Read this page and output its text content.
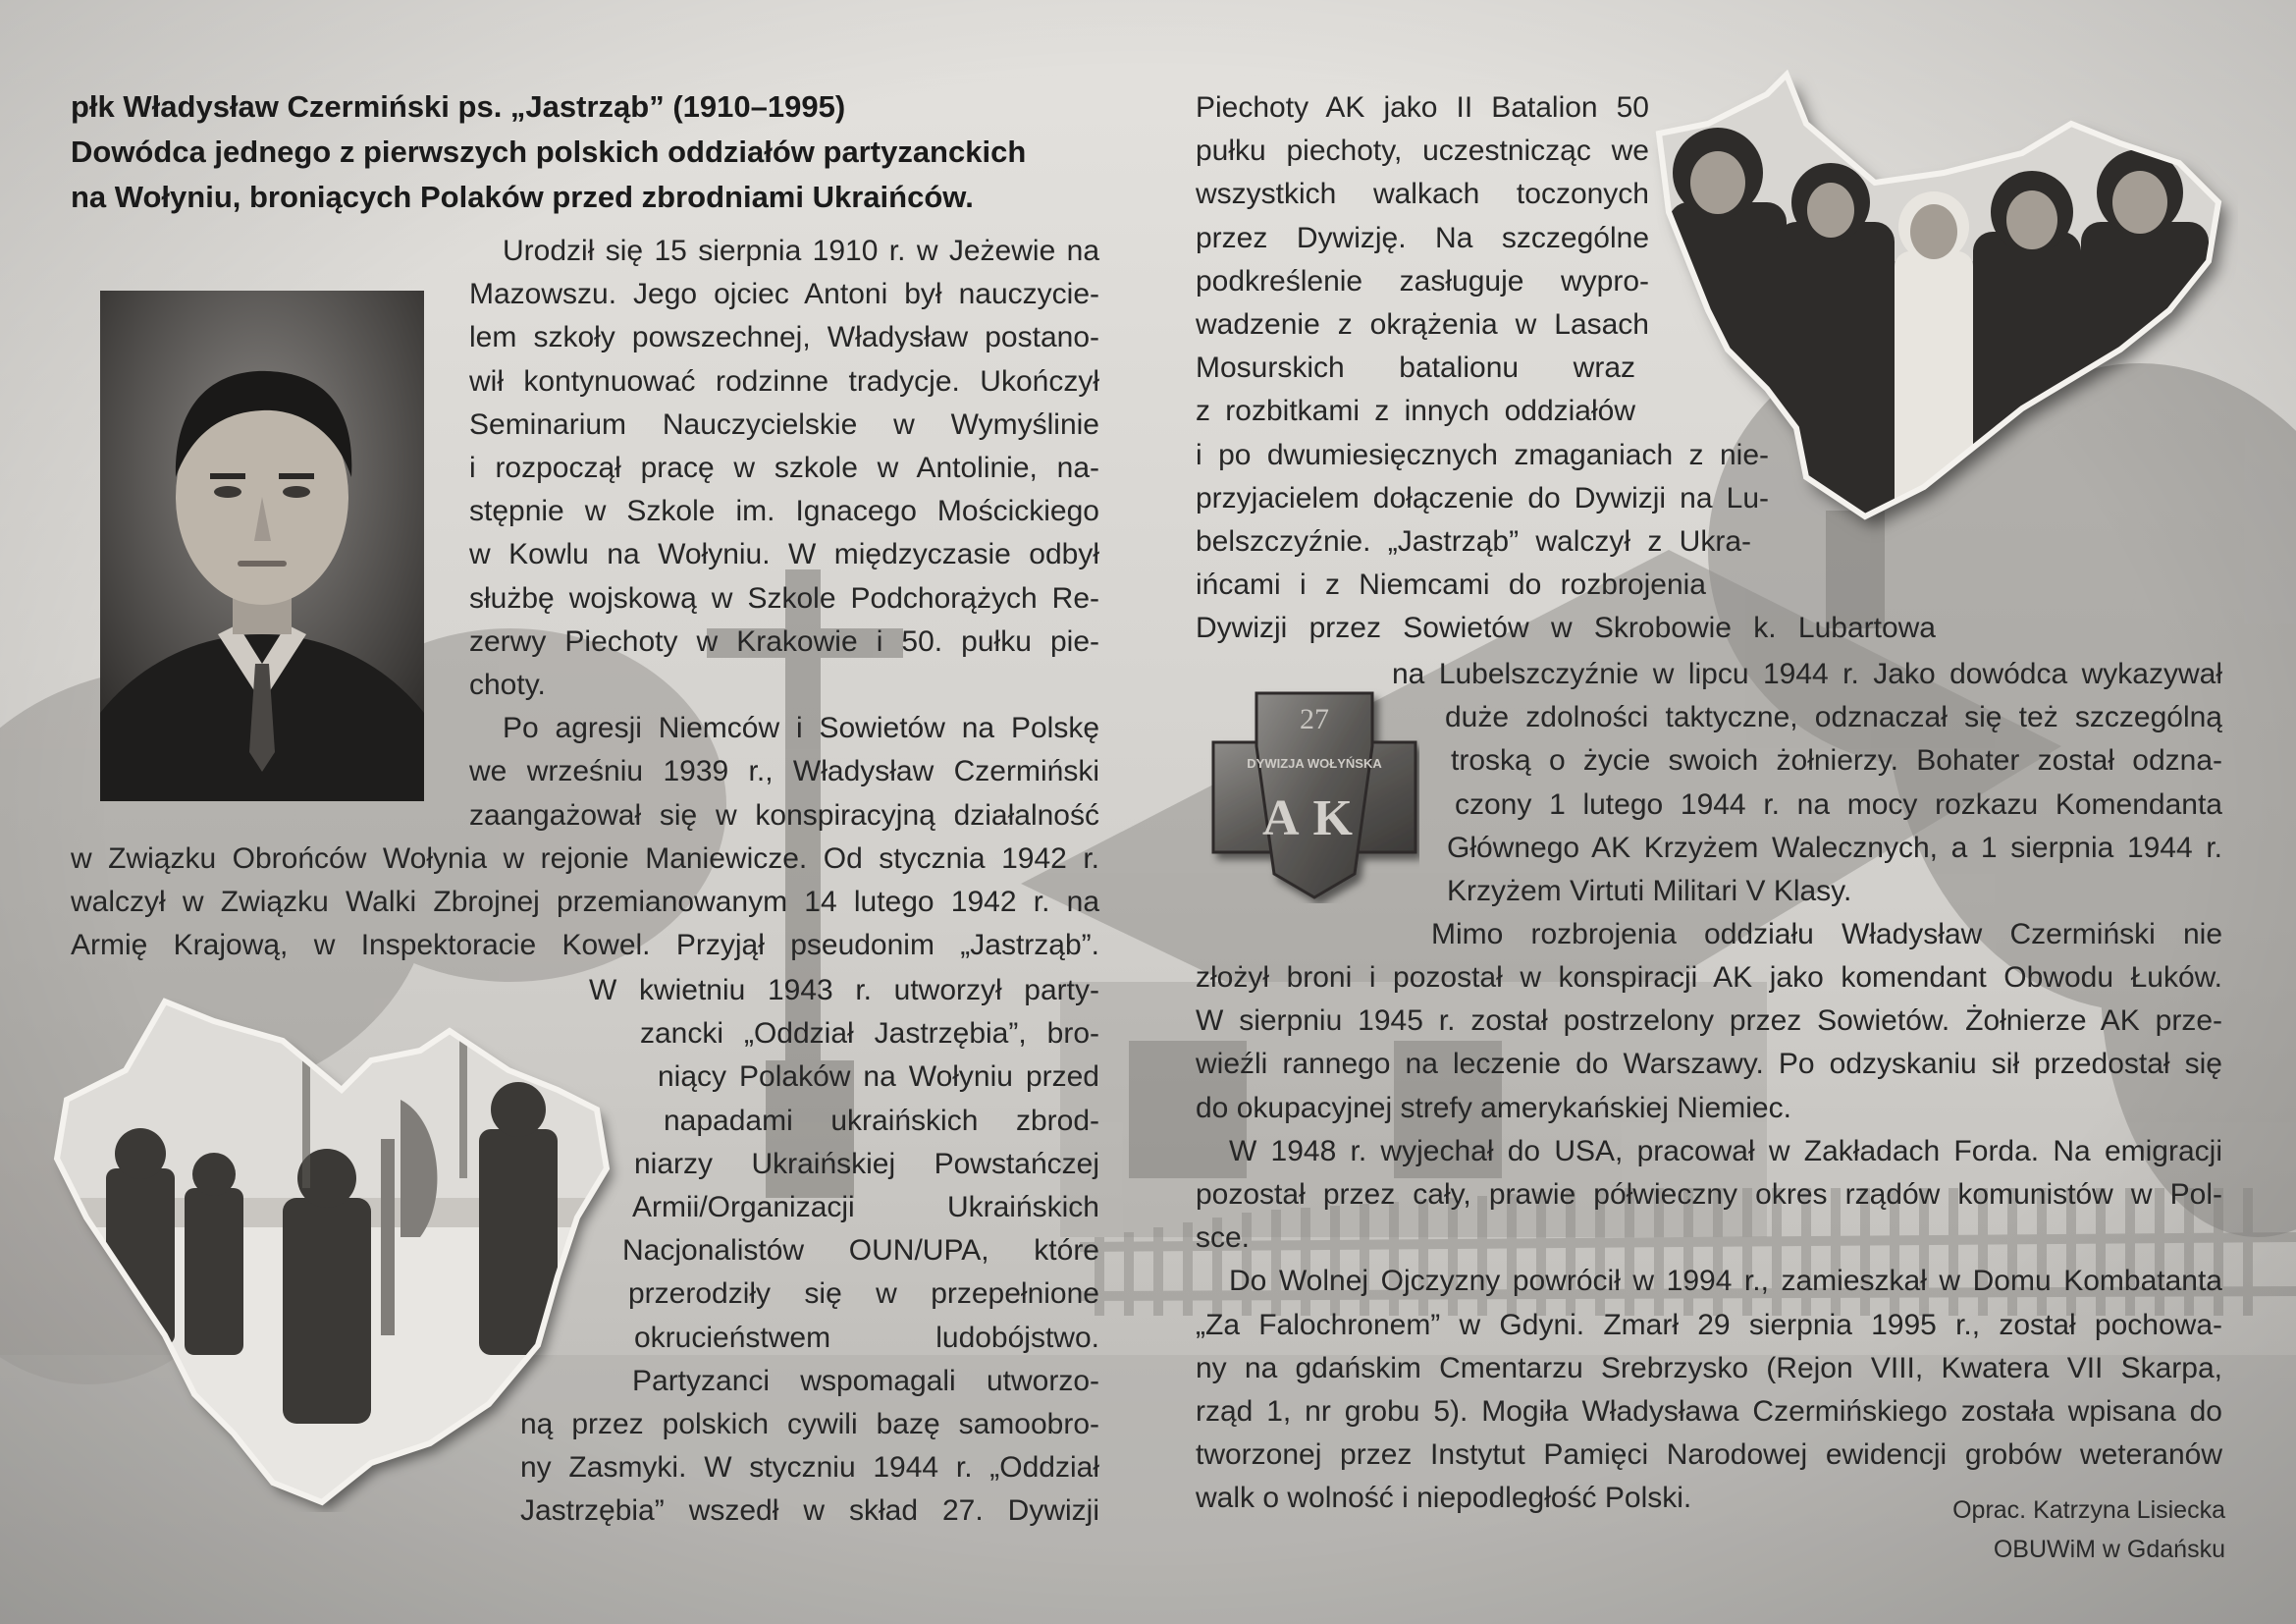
płk Władysław Czermiński ps. „Jastrząb” (1910–1995)
Dowódca jednego z pierwszych polskich oddziałów partyzanckich
na Wołyniu, broniących Polaków przed zbrodniami Ukraińców.
Urodził się 15 sierpnia 1910 r. w Jeżewie na
Mazowszu. Jego ojciec Antoni był nauczycie-
lem szkoły powszechnej, Władysław postano-
wił kontynuować rodzinne tradycje. Ukończył
Seminarium Nauczycielskie w Wymyślinie
i rozpoczął pracę w szkole w Antolinie, na-
stępnie w Szkole im. Ignacego Mościckiego
w Kowlu na Wołyniu. W międzyczasie odbył
służbę wojskową w Szkole Podchorążych Re-
zerwy Piechoty w Krakowie i 50. pułku pie-
choty.
Po agresji Niemców i Sowietów na Polskę
we wrześniu 1939 r., Władysław Czermiński
zaangażował się w konspiracyjną działalność
w Związku Obrońców Wołynia w rejonie Maniewicze. Od stycznia 1942 r.
walczył w Związku Walki Zbrojnej przemianowanym 14 lutego 1942 r. na
Armię Krajową, w Inspektoracie Kowel. Przyjął pseudonim „Jastrząb”.
W kwietniu 1943 r. utworzył party-
zancki „Oddział Jastrzębia”, bro-
niący Polaków na Wołyniu przed
napadami ukraińskich zbrod-
niarzy Ukraińskiej Powstańczej
Armii/Organizacji Ukraińskich
Nacjonalistów OUN/UPA, które
przerodziły się w przepełnione
okrucieństwem ludobójstwo.
Partyzanci wspomagali utworzo-
ną przez polskich cywili bazę samoobro-
ny Zasmyki. W styczniu 1944 r. „Oddział
Jastrzębia” wszedł w skład 27. Dywizji
Piechoty AK jako II Batalion 50
pułku piechoty, uczestnicząc we
wszystkich walkach toczonych
przez Dywizję. Na szczególne
podkreślenie zasługuje wypro-
wadzenie z okrążenia w Lasach
Mosurskich batalionu wraz
z rozbitkami z innych oddziałów
i po dwumiesięcznych zmaganiach z nie-
przyjacielem dołączenie do Dywizji na Lu-
belszczyźnie. „Jastrząb” walczył z Ukra-
ińcami i z Niemcami do rozbrojenia
Dywizji przez Sowietów w Skrobowie k. Lubartowa
27
DYWIZJA WOŁYŃSKA
AK
na Lubelszczyźnie w lipcu 1944 r. Jako dowódca wykazywał
duże zdolności taktyczne, odznaczał się też szczególną
troską o życie swoich żołnierzy. Bohater został odzna-
czony 1 lutego 1944 r. na mocy rozkazu Komendanta
Głównego AK Krzyżem Walecznych, a 1 sierpnia 1944 r.
Krzyżem Virtuti Militari V Klasy.
Mimo rozbrojenia oddziału Władysław Czermiński nie
złożył broni i pozostał w konspiracji AK jako komendant Obwodu Łuków.
W sierpniu 1945 r. został postrzelony przez Sowietów. Żołnierze AK prze-
wieźli rannego na leczenie do Warszawy. Po odzyskaniu sił przedostał się
do okupacyjnej strefy amerykańskiej Niemiec.
W 1948 r. wyjechał do USA, pracował w Zakładach Forda. Na emigracji
pozostał przez cały, prawie półwieczny okres rządów komunistów w Pol-
sce.
Do Wolnej Ojczyzny powrócił w 1994 r., zamieszkał w Domu Kombatanta
„Za Falochronem” w Gdyni. Zmarł 29 sierpnia 1995 r., został pochowa-
ny na gdańskim Cmentarzu Srebrzysko (Rejon VIII, Kwatera VII Skarpa,
rząd 1, nr grobu 5). Mogiła Władysława Czermińskiego została wpisana do
tworzonej przez Instytut Pamięci Narodowej ewidencji grobów weteranów
walk o wolność i niepodległość Polski.	Oprac. Katrzyna Lisiecka
OBUWiM w Gdańsku
